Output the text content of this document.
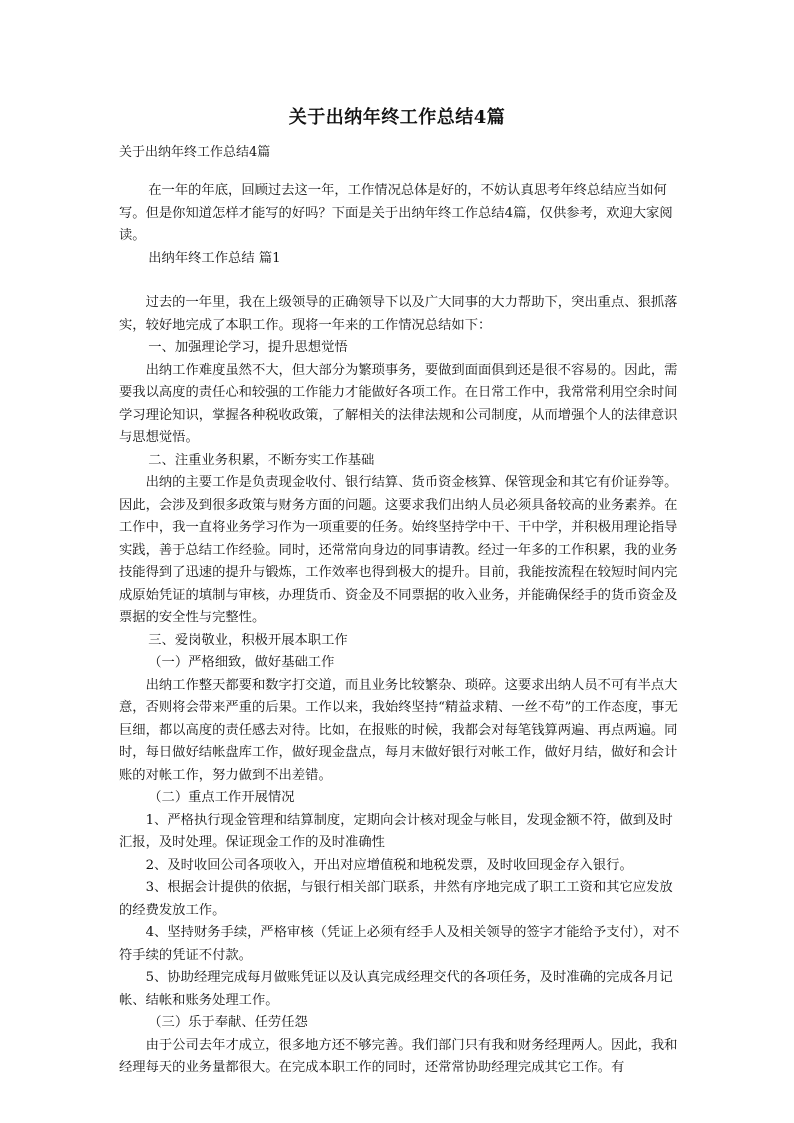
关于出纳年终工作总结4篇
关于出纳年终工作总结4篇

在一年的年底，回顾过去这一年，工作情况总体是好的，不妨认真思考年终总结应当如何写。但是你知道怎样才能写的好吗？下面是关于出纳年终工作总结4篇，仅供参考，欢迎大家阅读。

出纳年终工作总结 篇1

过去的一年里，我在上级领导的正确领导下以及广大同事的大力帮助下，突出重点、狠抓落实，较好地完成了本职工作。现将一年来的工作情况总结如下：

一、加强理论学习，提升思想觉悟

出纳工作难度虽然不大，但大部分为繁琐事务，要做到面面俱到还是很不容易的。因此，需要我以高度的责任心和较强的工作能力才能做好各项工作。在日常工作中，我常常利用空余时间学习理论知识，掌握各种税收政策，了解相关的法律法规和公司制度，从而增强个人的法律意识与思想觉悟。

二、注重业务积累，不断夯实工作基础

出纳的主要工作是负责现金收付、银行结算、货币资金核算、保管现金和其它有价证券等。因此，会涉及到很多政策与财务方面的问题。这要求我们出纳人员必须具备较高的业务素养。在工作中，我一直将业务学习作为一项重要的任务。始终坚持学中干、干中学，并积极用理论指导实践，善于总结工作经验。同时，还常常向身边的同事请教。经过一年多的工作积累，我的业务技能得到了迅速的提升与锻炼，工作效率也得到极大的提升。目前，我能按流程在较短时间内完成原始凭证的填制与审核，办理货币、资金及不同票据的收入业务，并能确保经手的货币资金及票据的安全性与完整性。

三、爱岗敬业，积极开展本职工作

（一）严格细致，做好基础工作

出纳工作整天都要和数字打交道，而且业务比较繁杂、琐碎。这要求出纳人员不可有半点大意，否则将会带来严重的后果。工作以来，我始终坚持“精益求精、一丝不苟”的工作态度，事无巨细，都以高度的责任感去对待。比如，在报账的时候，我都会对每笔钱算两遍、再点两遍。同时，每日做好结帐盘库工作，做好现金盘点，每月末做好银行对帐工作，做好月结，做好和会计账的对帐工作，努力做到不出差错。

（二）重点工作开展情况

1、严格执行现金管理和结算制度，定期向会计核对现金与帐目，发现金额不符，做到及时汇报，及时处理。保证现金工作的及时准确性

2、及时收回公司各项收入，开出对应增值税和地税发票，及时收回现金存入银行。

3、根据会计提供的依据，与银行相关部门联系，井然有序地完成了职工工资和其它应发放的经费发放工作。

4、坚持财务手续，严格审核（凭证上必须有经手人及相关领导的签字才能给予支付），对不符手续的凭证不付款。

5、协助经理完成每月做账凭证以及认真完成经理交代的各项任务，及时准确的完成各月记帐、结帐和账务处理工作。

（三）乐于奉献、任劳任怨

由于公司去年才成立，很多地方还不够完善。我们部门只有我和财务经理两人。因此，我和经理每天的业务量都很大。在完成本职工作的同时，还常常协助经理完成其它工作。有
